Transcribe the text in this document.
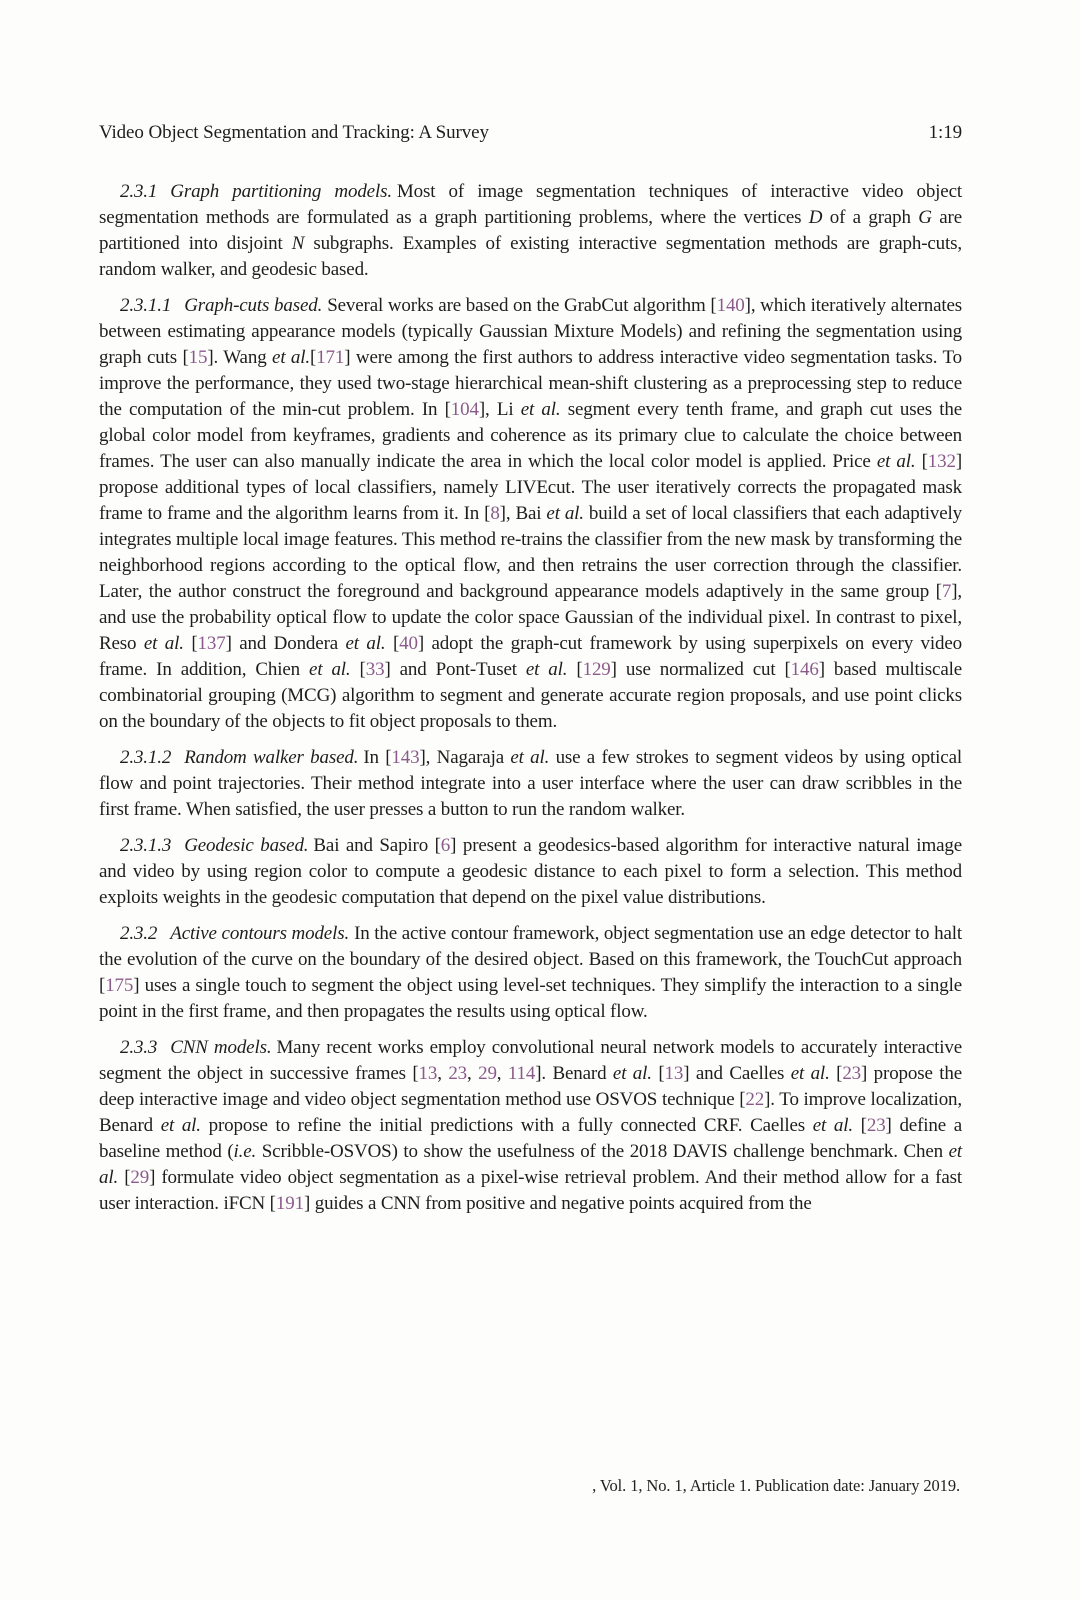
Video Object Segmentation and Tracking: A Survey	1:19

2.3.1 Graph partitioning models. Most of image segmentation techniques of interactive video object segmentation methods are formulated as a graph partitioning problems, where the vertices D of a graph G are partitioned into disjoint N subgraphs. Examples of existing interactive segmentation methods are graph-cuts, random walker, and geodesic based.

2.3.1.1 Graph-cuts based. Several works are based on the GrabCut algorithm [140], which iteratively alternates between estimating appearance models (typically Gaussian Mixture Models) and refining the segmentation using graph cuts [15]. Wang et al.[171] were among the first authors to address interactive video segmentation tasks. To improve the performance, they used two-stage hierarchical mean-shift clustering as a preprocessing step to reduce the computation of the min-cut problem. In [104], Li et al. segment every tenth frame, and graph cut uses the global color model from keyframes, gradients and coherence as its primary clue to calculate the choice between frames. The user can also manually indicate the area in which the local color model is applied. Price et al. [132] propose additional types of local classifiers, namely LIVEcut. The user iteratively corrects the propagated mask frame to frame and the algorithm learns from it. In [8], Bai et al. build a set of local classifiers that each adaptively integrates multiple local image features. This method re-trains the classifier from the new mask by transforming the neighborhood regions according to the optical flow, and then retrains the user correction through the classifier. Later, the author construct the foreground and background appearance models adaptively in the same group [7], and use the probability optical flow to update the color space Gaussian of the individual pixel. In contrast to pixel, Reso et al. [137] and Dondera et al. [40] adopt the graph-cut framework by using superpixels on every video frame. In addition, Chien et al. [33] and Pont-Tuset et al. [129] use normalized cut [146] based multiscale combinatorial grouping (MCG) algorithm to segment and generate accurate region proposals, and use point clicks on the boundary of the objects to fit object proposals to them.

2.3.1.2 Random walker based. In [143], Nagaraja et al. use a few strokes to segment videos by using optical flow and point trajectories. Their method integrate into a user interface where the user can draw scribbles in the first frame. When satisfied, the user presses a button to run the random walker.

2.3.1.3 Geodesic based. Bai and Sapiro [6] present a geodesics-based algorithm for interactive natural image and video by using region color to compute a geodesic distance to each pixel to form a selection. This method exploits weights in the geodesic computation that depend on the pixel value distributions.

2.3.2 Active contours models. In the active contour framework, object segmentation use an edge detector to halt the evolution of the curve on the boundary of the desired object. Based on this framework, the TouchCut approach [175] uses a single touch to segment the object using level-set techniques. They simplify the interaction to a single point in the first frame, and then propagates the results using optical flow.

2.3.3 CNN models. Many recent works employ convolutional neural network models to accurately interactive segment the object in successive frames [13, 23, 29, 114]. Benard et al. [13] and Caelles et al. [23] propose the deep interactive image and video object segmentation method use OSVOS technique [22]. To improve localization, Benard et al. propose to refine the initial predictions with a fully connected CRF. Caelles et al. [23] define a baseline method (i.e. Scribble-OSVOS) to show the usefulness of the 2018 DAVIS challenge benchmark. Chen et al. [29] formulate video object segmentation as a pixel-wise retrieval problem. And their method allow for a fast user interaction. iFCN [191] guides a CNN from positive and negative points acquired from the

, Vol. 1, No. 1, Article 1. Publication date: January 2019.
